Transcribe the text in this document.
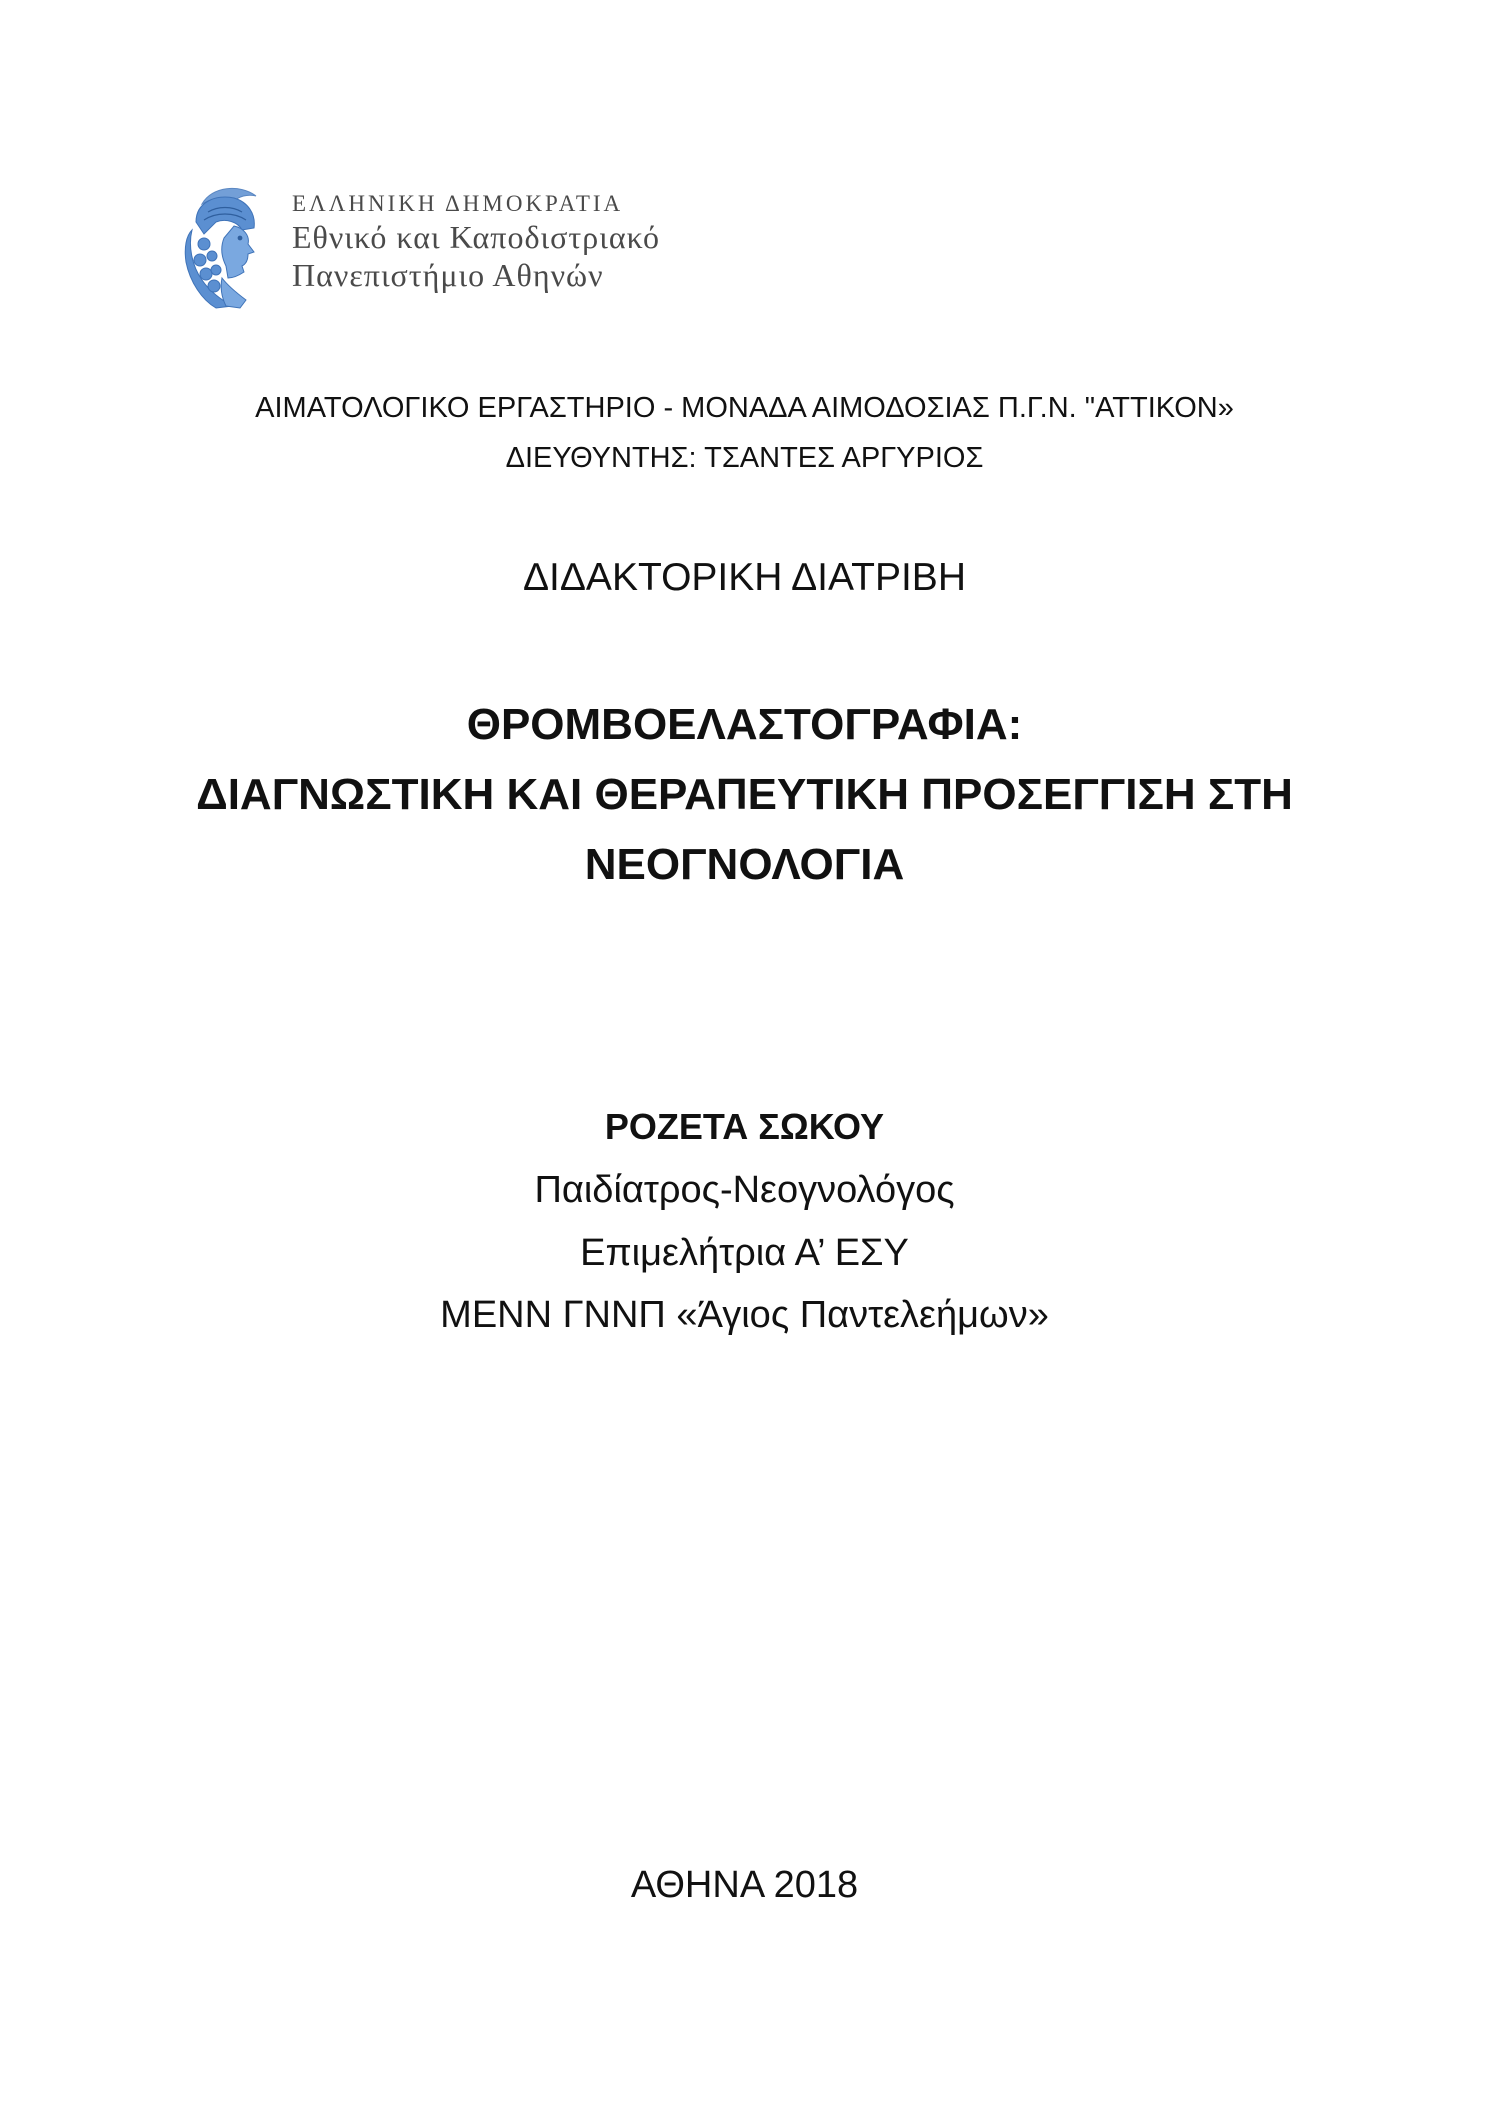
ΕΛΛΗΝΙΚΗ ΔΗΜΟΚΡΑΤΙΑ
Εθνικό και Καποδιστριακό
Πανεπιστήμιο Αθηνών
ΑΙΜΑΤΟΛΟΓΙΚΟ ΕΡΓΑΣΤΗΡΙΟ - ΜΟΝΑΔΑ ΑΙΜΟΔΟΣΙΑΣ Π.Γ.Ν. "ΑΤΤΙΚΟΝ»
ΔΙΕΥΘΥΝΤΗΣ: ΤΣΑΝΤΕΣ ΑΡΓΥΡΙΟΣ
ΔΙΔΑΚΤΟΡΙΚΗ ΔΙΑΤΡΙΒΗ
ΘΡΟΜΒΟΕΛΑΣΤΟΓΡΑΦΙΑ:
ΔΙΑΓΝΩΣΤΙΚΗ ΚΑΙ ΘΕΡΑΠΕΥΤΙΚΗ ΠΡΟΣΕΓΓΙΣΗ ΣΤΗ
ΝΕΟΓΝΟΛΟΓΙΑ
ΡΟΖΕΤΑ ΣΩΚΟΥ
Παιδίατρος-Νεογνολόγος
Επιμελήτρια Α’ ΕΣΥ
ΜΕΝΝ ΓΝΝΠ «Άγιος Παντελεήμων»
ΑΘΗΝΑ 2018
